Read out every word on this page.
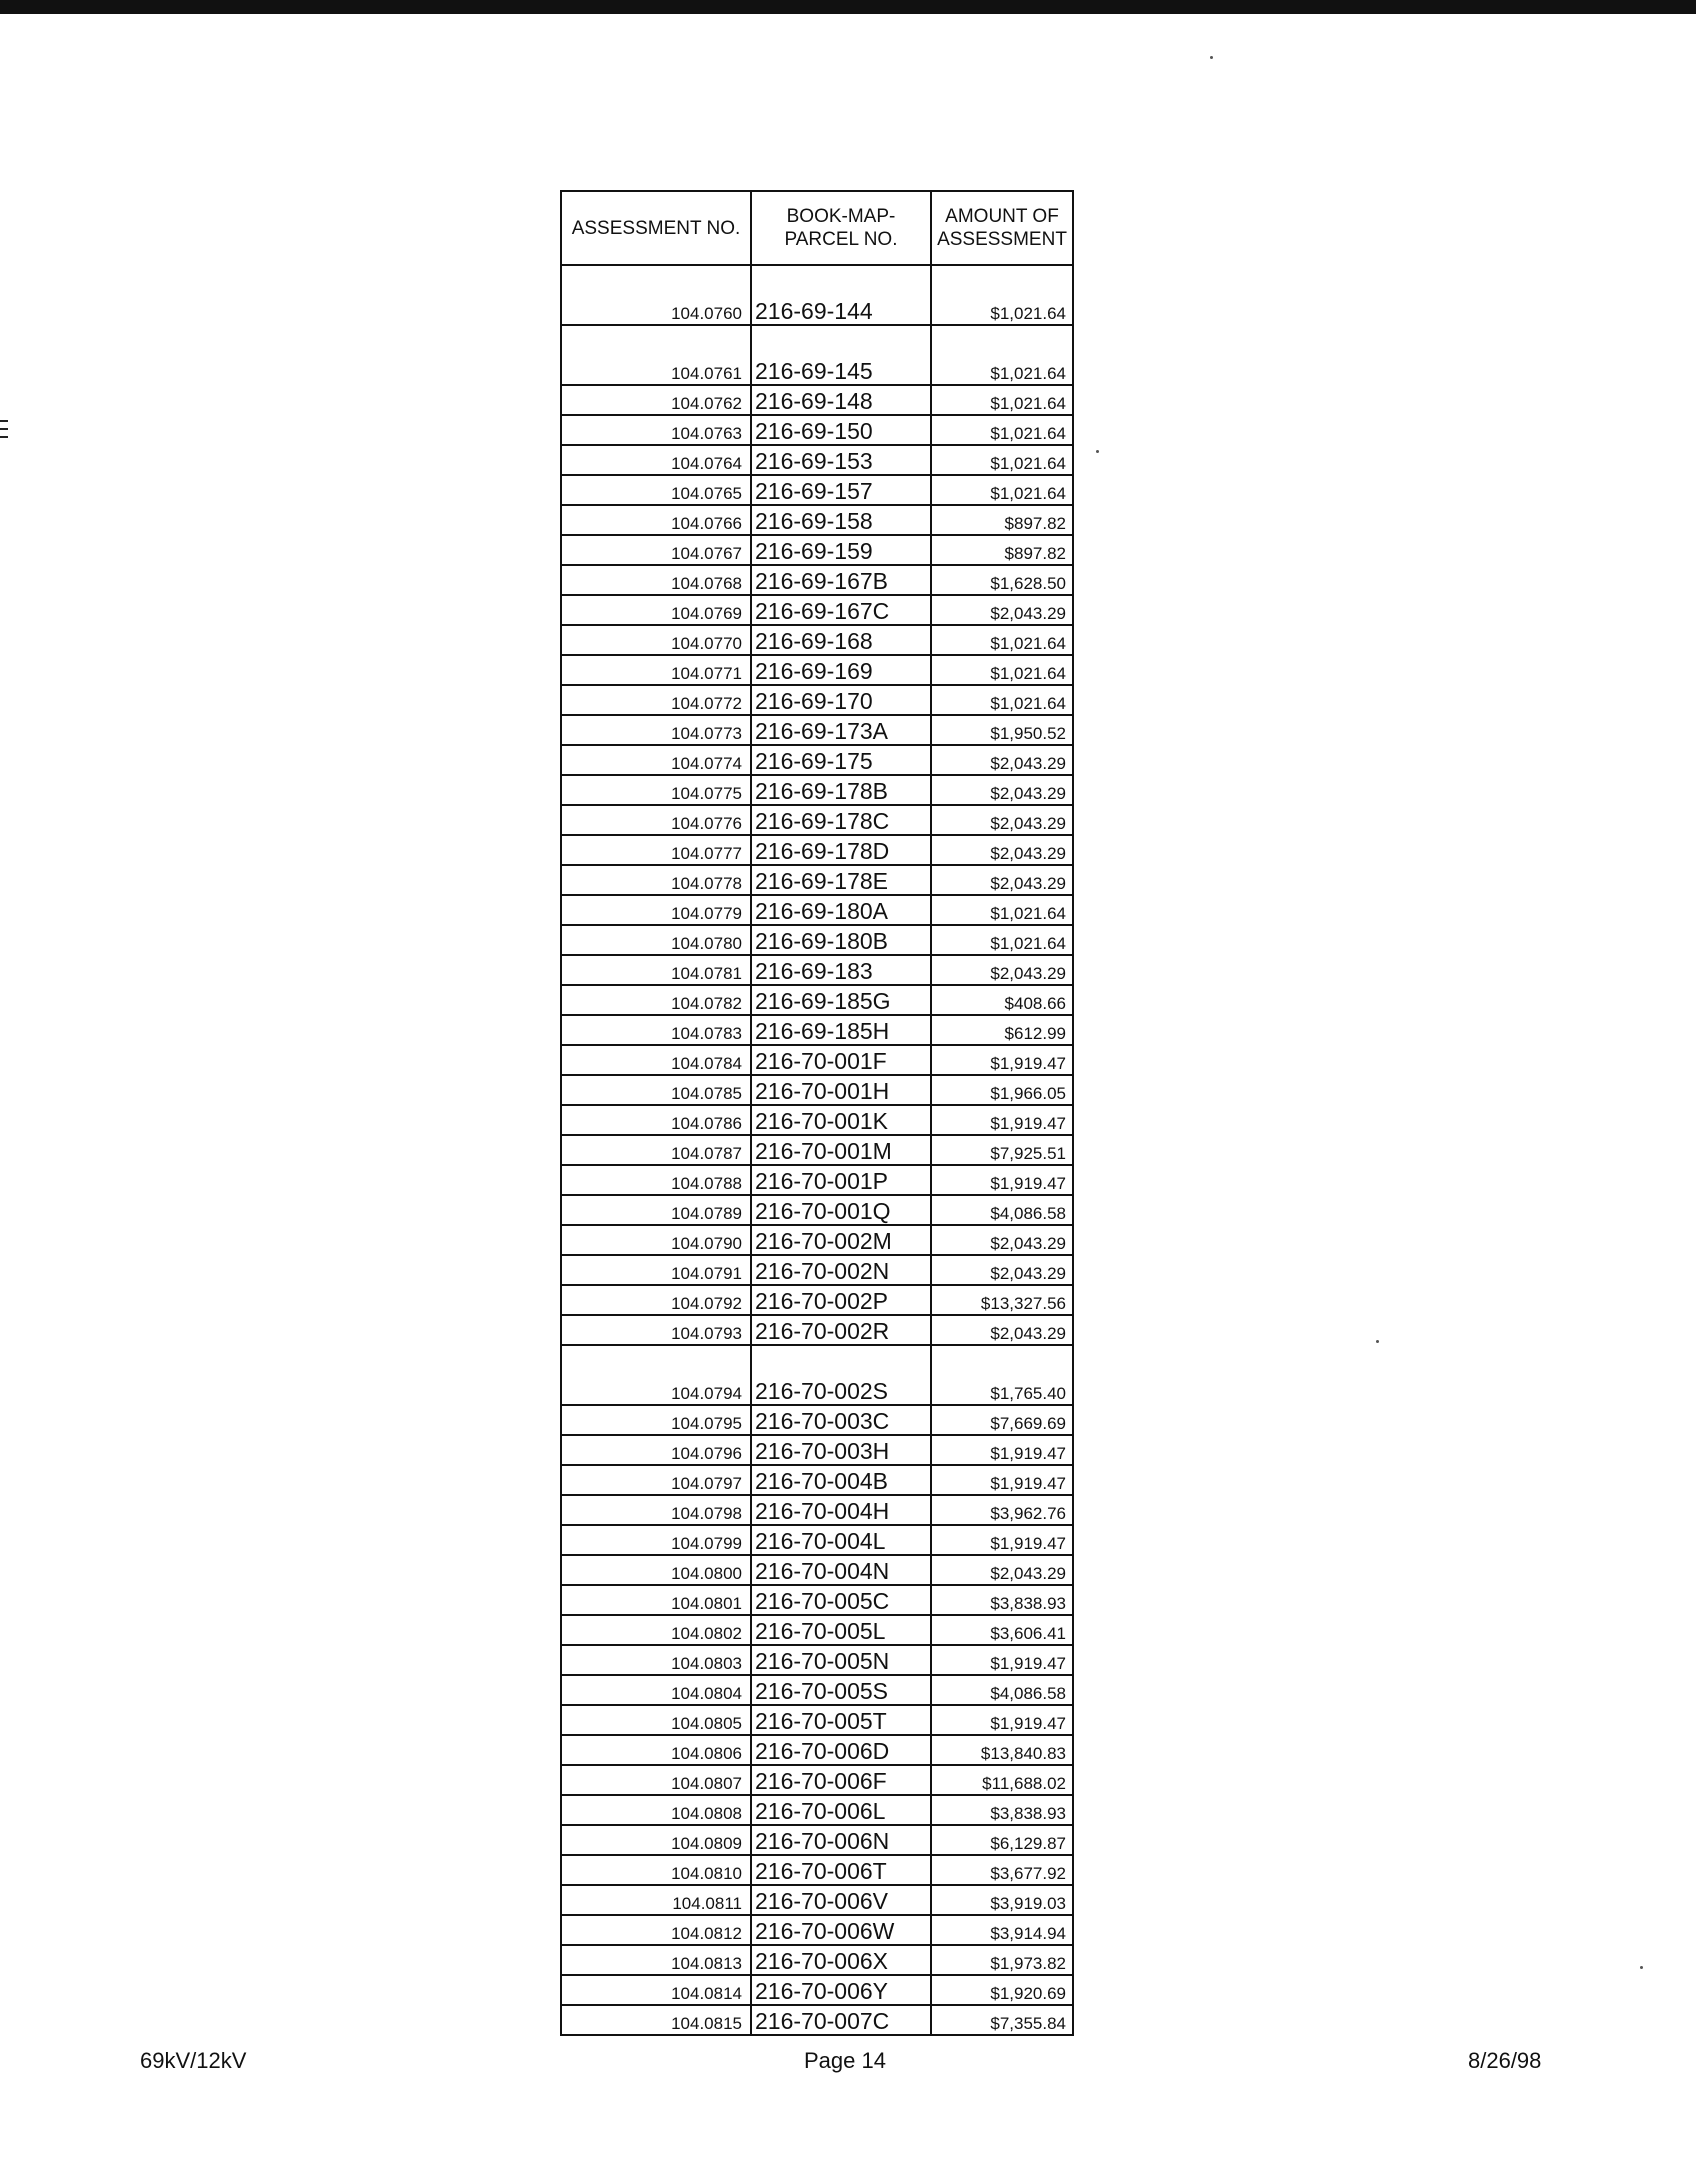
ASSESSMENT NO.	BOOK-MAP-PARCEL NO.	AMOUNT OF ASSESSMENT
104.0760	216-69-144	$1,021.64
104.0761	216-69-145	$1,021.64
104.0762	216-69-148	$1,021.64
104.0763	216-69-150	$1,021.64
104.0764	216-69-153	$1,021.64
104.0765	216-69-157	$1,021.64
104.0766	216-69-158	$897.82
104.0767	216-69-159	$897.82
104.0768	216-69-167B	$1,628.50
104.0769	216-69-167C	$2,043.29
104.0770	216-69-168	$1,021.64
104.0771	216-69-169	$1,021.64
104.0772	216-69-170	$1,021.64
104.0773	216-69-173A	$1,950.52
104.0774	216-69-175	$2,043.29
104.0775	216-69-178B	$2,043.29
104.0776	216-69-178C	$2,043.29
104.0777	216-69-178D	$2,043.29
104.0778	216-69-178E	$2,043.29
104.0779	216-69-180A	$1,021.64
104.0780	216-69-180B	$1,021.64
104.0781	216-69-183	$2,043.29
104.0782	216-69-185G	$408.66
104.0783	216-69-185H	$612.99
104.0784	216-70-001F	$1,919.47
104.0785	216-70-001H	$1,966.05
104.0786	216-70-001K	$1,919.47
104.0787	216-70-001M	$7,925.51
104.0788	216-70-001P	$1,919.47
104.0789	216-70-001Q	$4,086.58
104.0790	216-70-002M	$2,043.29
104.0791	216-70-002N	$2,043.29
104.0792	216-70-002P	$13,327.56
104.0793	216-70-002R	$2,043.29
104.0794	216-70-002S	$1,765.40
104.0795	216-70-003C	$7,669.69
104.0796	216-70-003H	$1,919.47
104.0797	216-70-004B	$1,919.47
104.0798	216-70-004H	$3,962.76
104.0799	216-70-004L	$1,919.47
104.0800	216-70-004N	$2,043.29
104.0801	216-70-005C	$3,838.93
104.0802	216-70-005L	$3,606.41
104.0803	216-70-005N	$1,919.47
104.0804	216-70-005S	$4,086.58
104.0805	216-70-005T	$1,919.47
104.0806	216-70-006D	$13,840.83
104.0807	216-70-006F	$11,688.02
104.0808	216-70-006L	$3,838.93
104.0809	216-70-006N	$6,129.87
104.0810	216-70-006T	$3,677.92
104.0811	216-70-006V	$3,919.03
104.0812	216-70-006W	$3,914.94
104.0813	216-70-006X	$1,973.82
104.0814	216-70-006Y	$1,920.69
104.0815	216-70-007C	$7,355.84
69kV/12kV	Page 14	8/26/98
